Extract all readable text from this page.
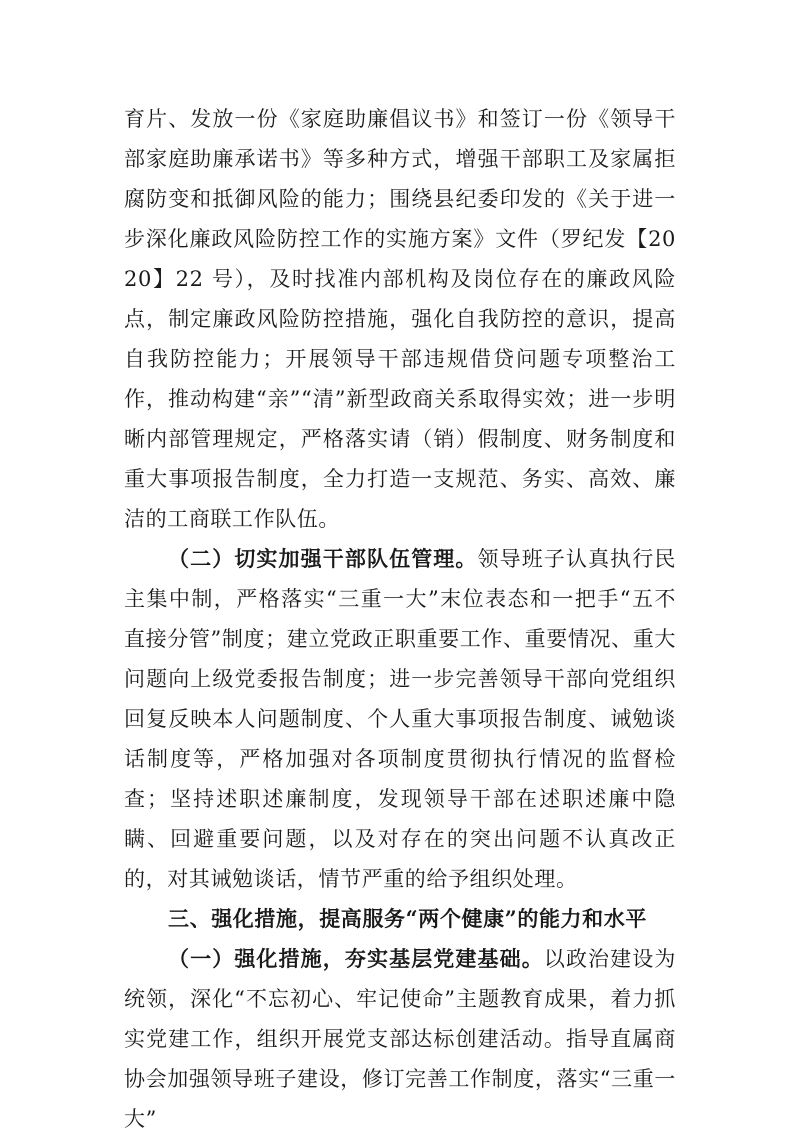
育片、发放一份《家庭助廉倡议书》和签订一份《领导干部家庭助廉承诺书》等多种方式，增强干部职工及家属拒腐防变和抵御风险的能力；围绕县纪委印发的《关于进一步深化廉政风险防控工作的实施方案》文件（罗纪发【2020】22 号），及时找准内部机构及岗位存在的廉政风险点，制定廉政风险防控措施，强化自我防控的意识，提高自我防控能力；开展领导干部违规借贷问题专项整治工作，推动构建“亲”“清”新型政商关系取得实效；进一步明晰内部管理规定，严格落实请（销）假制度、财务制度和重大事项报告制度，全力打造一支规范、务实、高效、廉洁的工商联工作队伍。

（二）切实加强干部队伍管理。领导班子认真执行民主集中制，严格落实“三重一大”末位表态和一把手“五不直接分管”制度；建立党政正职重要工作、重要情况、重大问题向上级党委报告制度；进一步完善领导干部向党组织回复反映本人问题制度、个人重大事项报告制度、诫勉谈话制度等，严格加强对各项制度贯彻执行情况的监督检查；坚持述职述廉制度，发现领导干部在述职述廉中隐瞒、回避重要问题，以及对存在的突出问题不认真改正的，对其诫勉谈话，情节严重的给予组织处理。

三、强化措施，提高服务“两个健康”的能力和水平

（一）强化措施，夯实基层党建基础。以政治建设为统领，深化“不忘初心、牢记使命”主题教育成果，着力抓实党建工作，组织开展党支部达标创建活动。指导直属商协会加强领导班子建设，修订完善工作制度，落实“三重一大”
